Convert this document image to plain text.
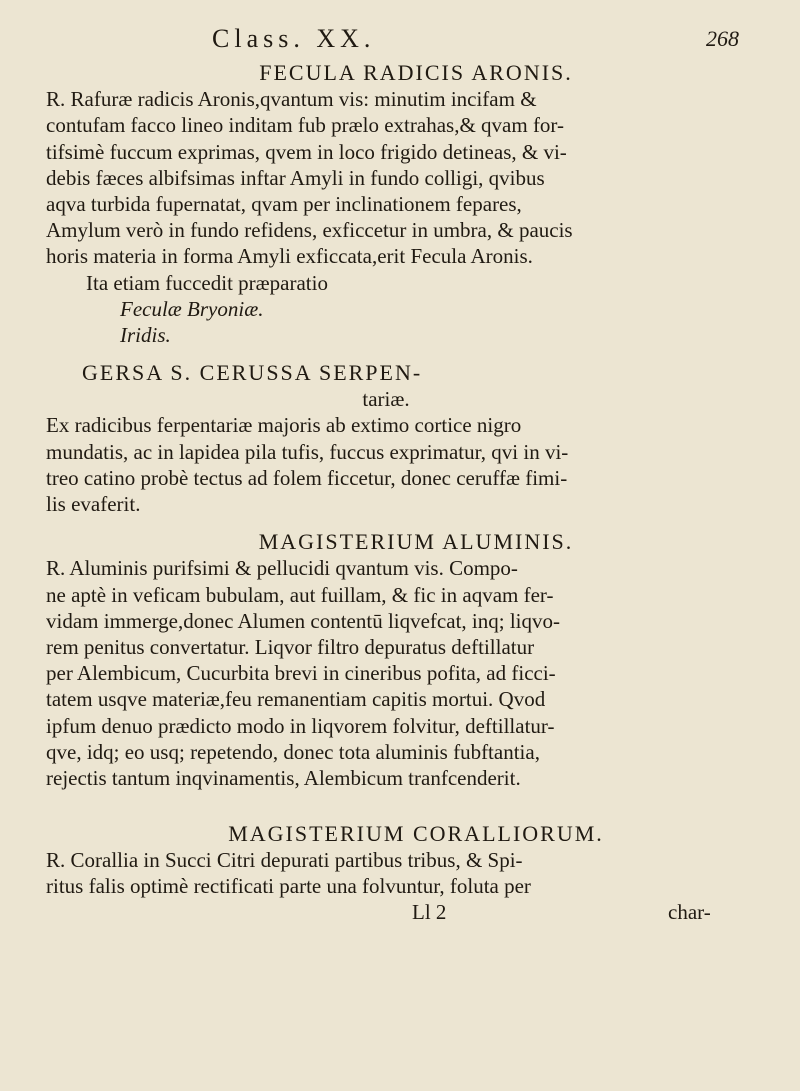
Class. XX.	268
FECULA RADICIS ARONIS.
R. Rafuræ radicis Aronis,qvantum vis: minutim incifam &
contufam facco lineo inditam fub prælo extrahas,& qvam for-
tifsimè fuccum exprimas, qvem in loco frigido detineas, & vi-
debis fæces albifsimas inftar Amyli in fundo colligi, qvibus
aqva turbida fupernatat, qvam per inclinationem fepares,
Amylum verò in fundo refidens, exficcetur in umbra, & paucis
horis materia in forma Amyli exficcata,erit Fecula Aronis.
Ita etiam fuccedit præparatio
Feculæ Bryoniæ.
Iridis.
GERSA S. CERUSSA SERPEN-
tariæ.
Ex radicibus ferpentariæ majoris ab extimo cortice nigro
mundatis, ac in lapidea pila tufis, fuccus exprimatur, qvi in vi-
treo catino probè tectus ad folem ficcetur, donec ceruffæ fimi-
lis evaferit.
MAGISTERIUM ALUMINIS.
R. Aluminis purifsimi & pellucidi qvantum vis. Compo-
ne aptè in veficam bubulam, aut fuillam, & fic in aqvam fer-
vidam immerge,donec Alumen contentū liqvefcat, inq; liqvo-
rem penitus convertatur. Liqvor filtro depuratus deftillatur
per Alembicum, Cucurbita brevi in cineribus pofita, ad ficci-
tatem usqve materiæ,feu remanentiam capitis mortui. Qvod
ipfum denuo prædicto modo in liqvorem folvitur, deftillatur-
qve, idq; eo usq; repetendo, donec tota aluminis fubftantia,
rejectis tantum inqvinamentis, Alembicum tranfcenderit.
MAGISTERIUM CORALLIORUM.
R. Corallia in Succi Citri depurati partibus tribus, & Spi-
ritus falis optimè rectificati parte una folvuntur, foluta per
Ll 2	char-
